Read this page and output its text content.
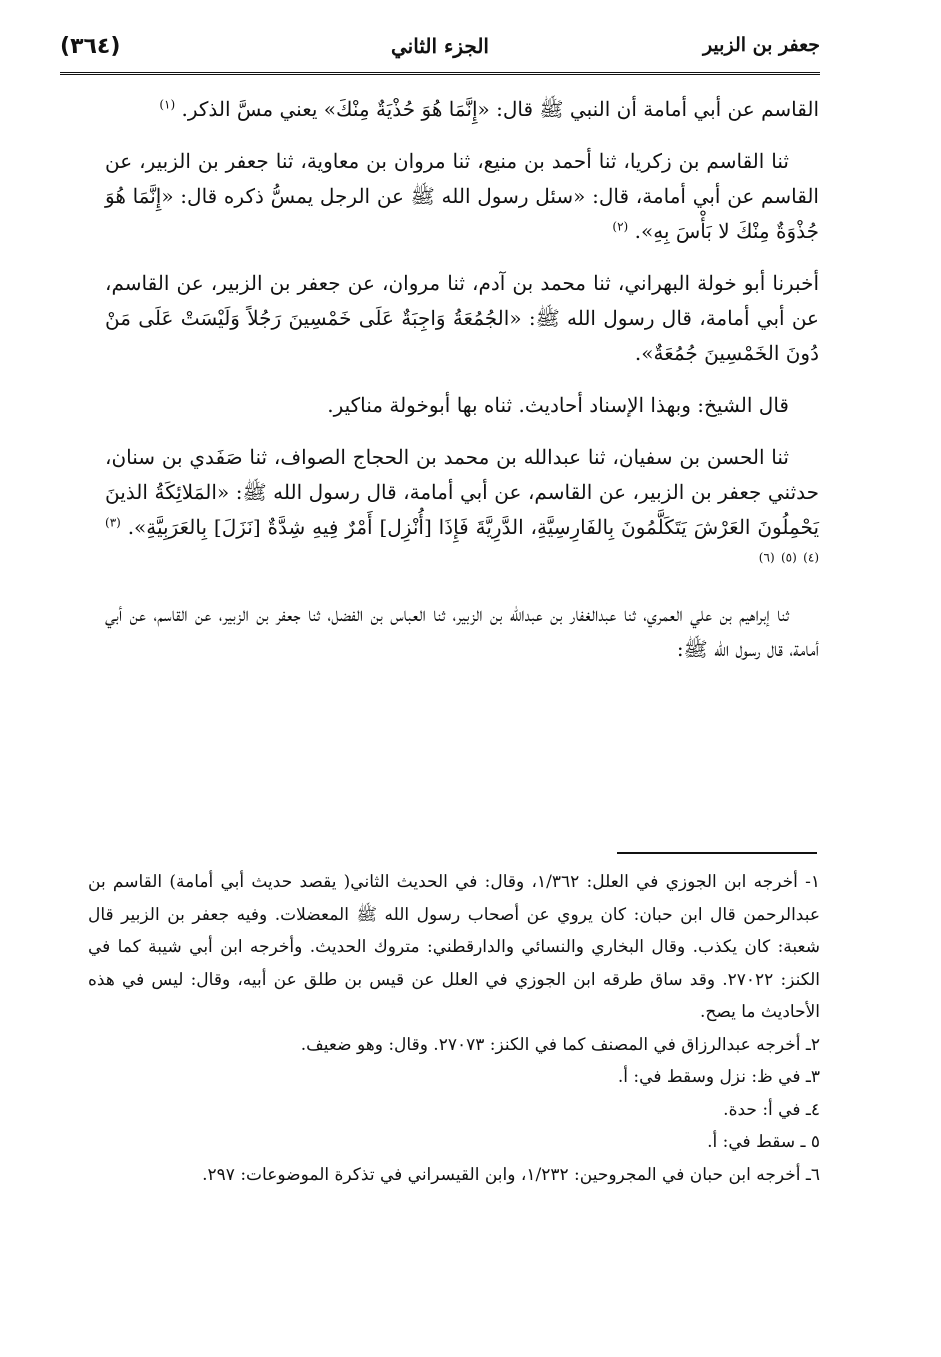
(٣٦٤)	الجزء الثاني	جعفر بن الزبير

القاسم عن أبي أمامة أن النبي ﷺ قال: «إِنَّمَا هُوَ حُذْيَةٌ مِنْكَ» يعني مسَّ الذكر. $^{(١)}$

ثنا القاسم بن زكريا، ثنا أحمد بن منيع، ثنا مروان بن معاوية، ثنا جعفر بن الزبير، عن القاسم عن أبي أمامة، قال: «سئل رسول الله ﷺ عن الرجل يمسُّ ذكره قال: «إِنَّمَا هُوَ جُذْوَةٌ مِنْكَ لا بَأْسَ بِهِ». $^{(٢)}$

أخبرنا أبو خولة البهراني، ثنا محمد بن آدم، ثنا مروان، عن جعفر بن الزبير، عن القاسم، عن أبي أمامة، قال رسول الله ﷺ: «الجُمُعَةُ وَاجِبَةٌ عَلَى خَمْسِينَ رَجُلاً وَلَيْسَتْ عَلَى مَنْ دُونَ الخَمْسِينَ جُمُعَةٌ».

قال الشيخ: وبهذا الإسناد أحاديث. ثناه بها أبوخولة مناكير.

ثنا الحسن بن سفيان، ثنا عبدالله بن محمد بن الحجاج الصواف، ثنا صَفَدي بن سنان، حدثني جعفر بن الزبير، عن القاسم، عن أبي أمامة، قال رسول الله ﷺ: «المَلائِكَةُ الذينَ يَحْمِلُونَ العَرْشَ يَتَكَلَّمُونَ بِالفَارِسِيَّةِ، الدَّرِيَّةَ فَإِذَا [أُنْزِل] أَمْرٌ فِيهِ شِدَّةٌ [نَزَلَ] بِالعَرَبِيَّةِ». $^{(٣)}$ $^{(٤)}$ $^{(٥)}$ $^{(٦)}$

ثنا إبراهيم بن علي العمري، ثنا عبدالغفار بن عبدالله بن الزبير، ثنا العباس بن الفضل، ثنا جعفر بن الزبير، عن القاسم، عن أبي أمامة، قال رسول الله ﷺ:

١- أخرجه ابن الجوزي في العلل: ١/٣٦٢، وقال: في الحديث الثاني( يقصد حديث أبي أمامة) القاسم بن عبدالرحمن قال ابن حبان: كان يروي عن أصحاب رسول الله ﷺ المعضلات. وفيه جعفر بن الزبير قال شعبة: كان يكذب. وقال البخاري والنسائي والدارقطني: متروك الحديث. وأخرجه ابن أبي شيبة كما في الكنز: ٢٧٠٢٢. وقد ساق طرقه ابن الجوزي في العلل عن قيس بن طلق عن أبيه، وقال: ليس في هذه الأحاديث ما يصح.

٢ـ أخرجه عبدالرزاق في المصنف كما في الكنز: ٢٧٠٧٣. وقال: وهو ضعيف.

٣ـ في ظ: نزل وسقط في: أ.

٤ـ في أ: حدة.

٥ ـ سقط في: أ.

٦ـ أخرجه ابن حبان في المجروحين: ١/٢٣٢، وابن القيسراني في تذكرة الموضوعات: ٢٩٧.
